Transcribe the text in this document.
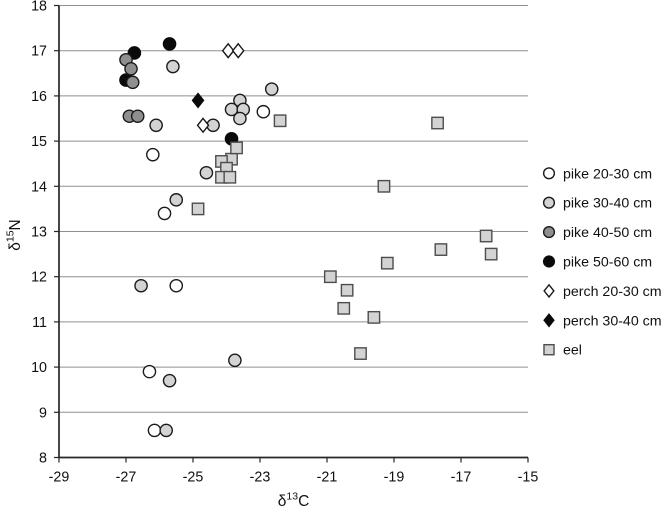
8
9
10
11
12
13
14
15
16
17
18
-29	-27	-25	-23	-21	-19	-17	-15
$\delta^{13}C$
$\delta^{15}N$
pike 20-30 cm
pike 30-40 cm
pike 40-50 cm
pike 50-60 cm
perch 20-30 cm
perch 30-40 cm
eel
